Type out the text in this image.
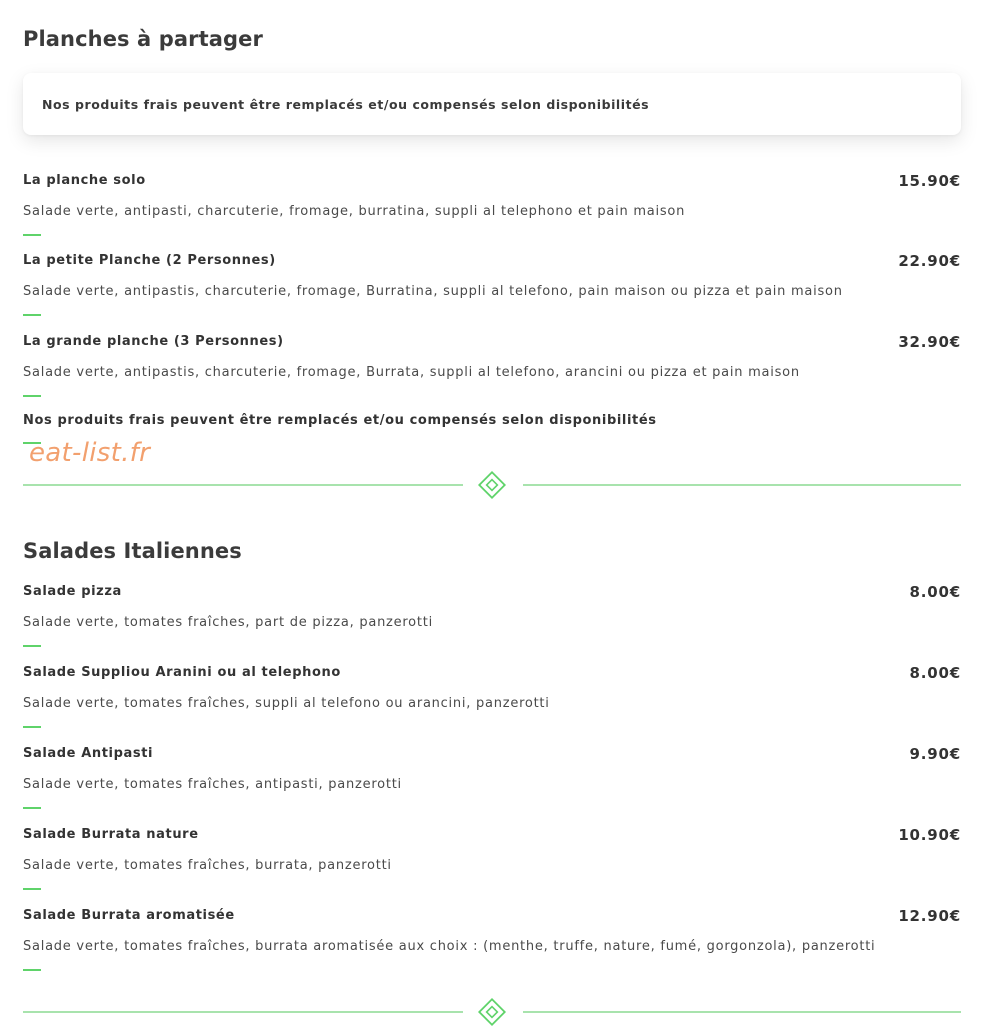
Planches à partager
Nos produits frais peuvent être remplacés et/ou compensés selon disponibilités
La planche solo	15.90€
Salade verte, antipasti, charcuterie, fromage, burratina, suppli al telephono et pain maison
La petite Planche (2 Personnes)	22.90€
Salade verte, antipastis, charcuterie, fromage, Burratina, suppli al telefono, pain maison ou pizza et pain maison
La grande planche (3 Personnes)	32.90€
Salade verte, antipastis, charcuterie, fromage, Burrata, suppli al telefono, arancini ou pizza et pain maison
Nos produits frais peuvent être remplacés et/ou compensés selon disponibilités
eat-list.fr
Salades Italiennes
Salade pizza	8.00€
Salade verte, tomates fraîches, part de pizza, panzerotti
Salade Suppliou Aranini ou al telephono	8.00€
Salade verte, tomates fraîches, suppli al telefono ou arancini, panzerotti
Salade Antipasti	9.90€
Salade verte, tomates fraîches, antipasti, panzerotti
Salade Burrata nature	10.90€
Salade verte, tomates fraîches, burrata, panzerotti
Salade Burrata aromatisée	12.90€
Salade verte, tomates fraîches, burrata aromatisée aux choix : (menthe, truffe, nature, fumé, gorgonzola), panzerotti
